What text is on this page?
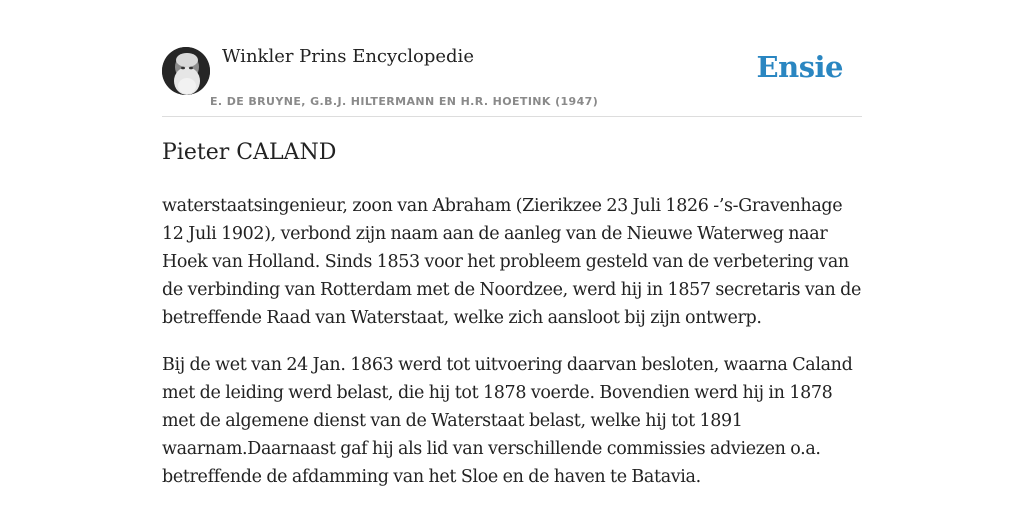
Winkler Prins Encyclopedie
E. DE BRUYNE, G.B.J. HILTERMANN EN H.R. HOETINK (1947)
Ensie
Pieter CALAND

waterstaatsingenieur, zoon van Abraham (Zierikzee 23 Juli 1826 -’s-Gravenhage 12 Juli 1902), verbond zijn naam aan de aanleg van de Nieuwe Waterweg naar Hoek van Holland. Sinds 1853 voor het probleem gesteld van de verbetering van de verbinding van Rotterdam met de Noordzee, werd hij in 1857 secretaris van de betreffende Raad van Waterstaat, welke zich aansloot bij zijn ontwerp.

Bij de wet van 24 Jan. 1863 werd tot uitvoering daarvan besloten, waarna Caland met de leiding werd belast, die hij tot 1878 voerde. Bovendien werd hij in 1878 met de algemene dienst van de Waterstaat belast, welke hij tot 1891 waarnam.Daarnaast gaf hij als lid van verschillende commissies adviezen o.a. betreffende de afdamming van het Sloe en de haven te Batavia.
